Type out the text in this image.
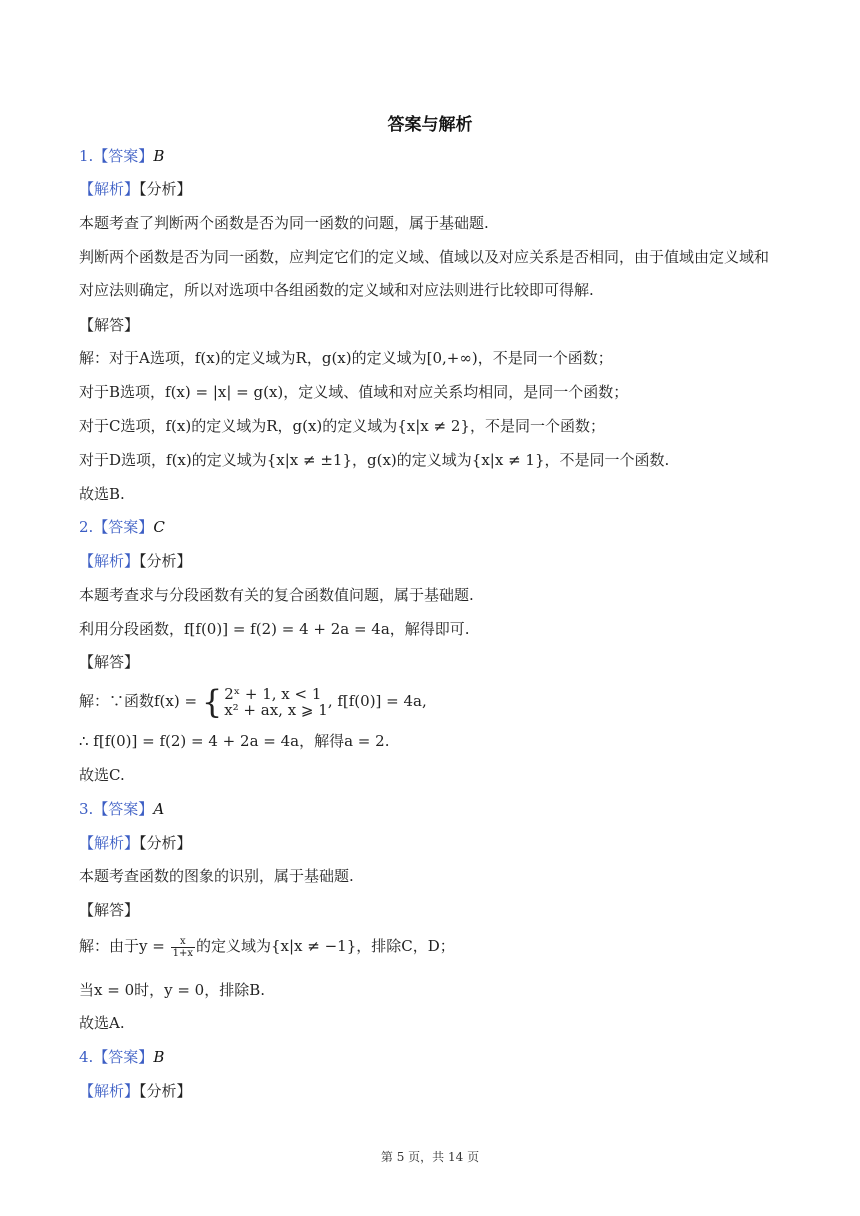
答案与解析
1.【答案】B
【解析】【分析】
本题考查了判断两个函数是否为同一函数的问题，属于基础题.
判断两个函数是否为同一函数，应判定它们的定义域、值域以及对应关系是否相同，由于值域由定义域和
对应法则确定，所以对选项中各组函数的定义域和对应法则进行比较即可得解.
【解答】
解：对于A选项，f(x)的定义域为R，g(x)的定义域为[0,+∞)，不是同一个函数；
对于B选项，f(x) = |x| = g(x)，定义域、值域和对应关系均相同，是同一个函数；
对于C选项，f(x)的定义域为R，g(x)的定义域为{x|x ≠ 2}，不是同一个函数；
对于D选项，f(x)的定义域为{x|x ≠ ±1}，g(x)的定义域为{x|x ≠ 1}，不是同一个函数.
故选B.
2.【答案】C
【解析】【分析】
本题考查求与分段函数有关的复合函数值问题，属于基础题.
利用分段函数，f[f(0)] = f(2) = 4 + 2a = 4a，解得即可.
【解答】
解：∵函数f(x) = { 2ˣ + 1, x < 1
x² + ax, x ⩾ 1 , f[f(0)] = 4a,
∴ f[f(0)] = f(2) = 4 + 2a = 4a，解得a = 2.
故选C.
3.【答案】A
【解析】【分析】
本题考查函数的图象的识别，属于基础题.
【解答】
解：由于$y = \frac{x}{1+x}$ 的定义域为{x|x ≠ −1}，排除C，D；
当x = 0时，y = 0，排除B.
故选A.
4.【答案】B
【解析】【分析】
第 5 页，共 14 页
